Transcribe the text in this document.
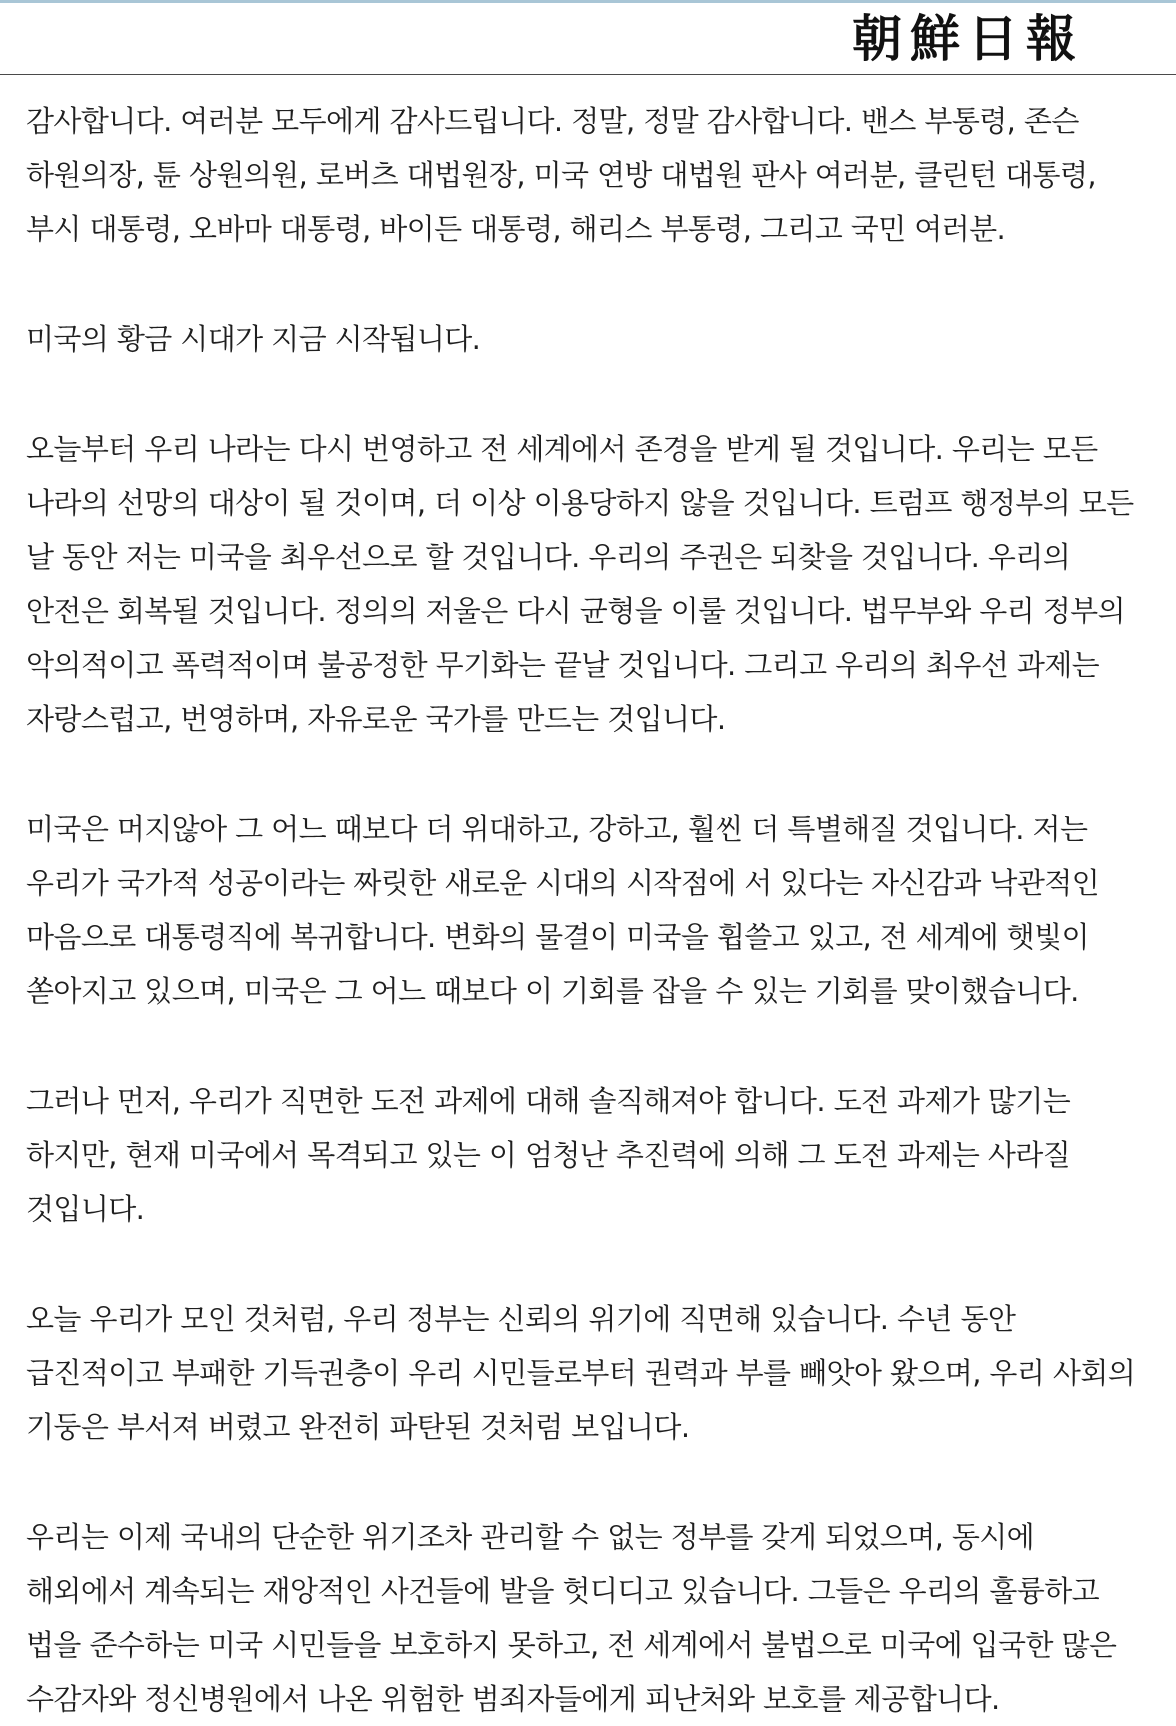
朝鮮日報

감사합니다. 여러분 모두에게 감사드립니다. 정말, 정말 감사합니다. 밴스 부통령, 존슨 하원의장, 튠 상원의원, 로버츠 대법원장, 미국 연방 대법원 판사 여러분, 클린턴 대통령, 부시 대통령, 오바마 대통령, 바이든 대통령, 해리스 부통령, 그리고 국민 여러분.

미국의 황금 시대가 지금 시작됩니다.

오늘부터 우리 나라는 다시 번영하고 전 세계에서 존경을 받게 될 것입니다. 우리는 모든 나라의 선망의 대상이 될 것이며, 더 이상 이용당하지 않을 것입니다. 트럼프 행정부의 모든 날 동안 저는 미국을 최우선으로 할 것입니다. 우리의 주권은 되찾을 것입니다. 우리의 안전은 회복될 것입니다. 정의의 저울은 다시 균형을 이룰 것입니다. 법무부와 우리 정부의 악의적이고 폭력적이며 불공정한 무기화는 끝날 것입니다. 그리고 우리의 최우선 과제는 자랑스럽고, 번영하며, 자유로운 국가를 만드는 것입니다.

미국은 머지않아 그 어느 때보다 더 위대하고, 강하고, 훨씬 더 특별해질 것입니다. 저는 우리가 국가적 성공이라는 짜릿한 새로운 시대의 시작점에 서 있다는 자신감과 낙관적인 마음으로 대통령직에 복귀합니다. 변화의 물결이 미국을 휩쓸고 있고, 전 세계에 햇빛이 쏟아지고 있으며, 미국은 그 어느 때보다 이 기회를 잡을 수 있는 기회를 맞이했습니다.

그러나 먼저, 우리가 직면한 도전 과제에 대해 솔직해져야 합니다. 도전 과제가 많기는 하지만, 현재 미국에서 목격되고 있는 이 엄청난 추진력에 의해 그 도전 과제는 사라질 것입니다.

오늘 우리가 모인 것처럼, 우리 정부는 신뢰의 위기에 직면해 있습니다. 수년 동안 급진적이고 부패한 기득권층이 우리 시민들로부터 권력과 부를 빼앗아 왔으며, 우리 사회의 기둥은 부서져 버렸고 완전히 파탄된 것처럼 보입니다.

우리는 이제 국내의 단순한 위기조차 관리할 수 없는 정부를 갖게 되었으며, 동시에 해외에서 계속되는 재앙적인 사건들에 발을 헛디디고 있습니다. 그들은 우리의 훌륭하고 법을 준수하는 미국 시민들을 보호하지 못하고, 전 세계에서 불법으로 미국에 입국한 많은 수감자와 정신병원에서 나온 위험한 범죄자들에게 피난처와 보호를 제공합니다.
